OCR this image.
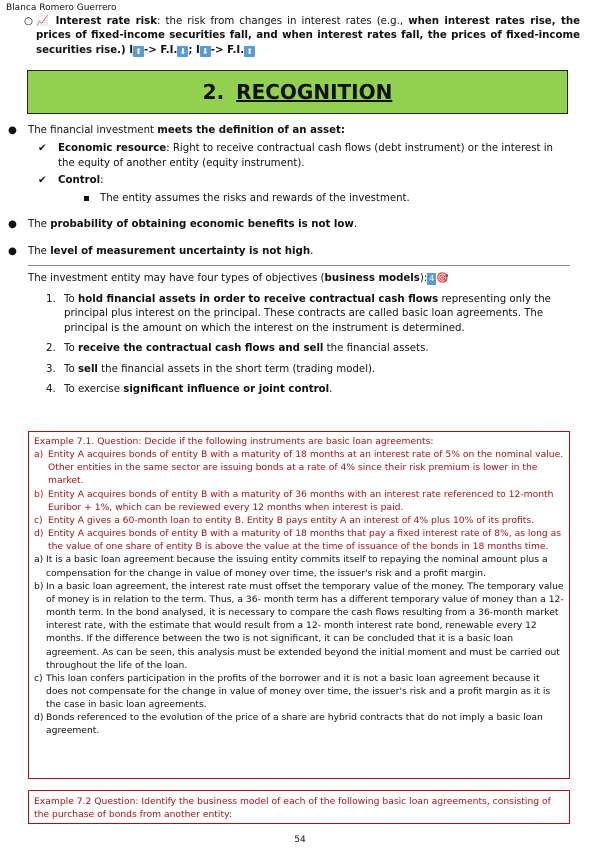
Blanca Romero Guerrero
○ 📈 Interest rate risk: the risk from changes in interest rates (e.g., when interest rates rise, the prices of fixed-income securities fall, and when interest rates fall, the prices of fixed-income securities rise.) I ⬆ -> F.I. ⬇ ; I ⬇ -> F.I. ⬆
2. RECOGNITION
● The financial investment meets the definition of an asset:
✔ Economic resource: Right to receive contractual cash flows (debt instrument) or the interest in the equity of another entity (equity instrument).
✔ Control:
The entity assumes the risks and rewards of the investment.
● The probability of obtaining economic benefits is not low.
● The level of measurement uncertainty is not high.
The investment entity may have four types of objectives (business models): 4 🎯
1. To hold financial assets in order to receive contractual cash flows representing only the principal plus interest on the principal. These contracts are called basic loan agreements. The principal is the amount on which the interest on the instrument is determined.
2. To receive the contractual cash flows and sell the financial assets.
3. To sell the financial assets in the short term (trading model).
4. To exercise significant influence or joint control.
Example 7.1. Question: Decide if the following instruments are basic loan agreements:
a) Entity A acquires bonds of entity B with a maturity of 18 months at an interest rate of 5% on the nominal value. Other entities in the same sector are issuing bonds at a rate of 4% since their risk premium is lower in the market.
b) Entity A acquires bonds of entity B with a maturity of 36 months with an interest rate referenced to 12-month Euribor + 1%, which can be reviewed every 12 months when interest is paid.
c) Entity A gives a 60-month loan to entity B. Entity B pays entity A an interest of 4% plus 10% of its profits.
d) Entity A acquires bonds of entity B with a maturity of 18 months that pay a fixed interest rate of 8%, as long as the value of one share of entity B is above the value at the time of issuance of the bonds in 18 months time.
a) It is a basic loan agreement because the issuing entity commits itself to repaying the nominal amount plus a compensation for the change in value of money over time, the issuer's risk and a profit margin.
b) In a basic loan agreement, the interest rate must offset the temporary value of the money. The temporary value of money is in relation to the term. Thus, a 36- month term has a different temporary value of money than a 12-month term. In the bond analysed, it is necessary to compare the cash flows resulting from a 36-month market interest rate, with the estimate that would result from a 12- month interest rate bond, renewable every 12 months. If the difference between the two is not significant, it can be concluded that it is a basic loan agreement. As can be seen, this analysis must be extended beyond the initial moment and must be carried out throughout the life of the loan.
c) This loan confers participation in the profits of the borrower and it is not a basic loan agreement because it does not compensate for the change in value of money over time, the issuer's risk and a profit margin as it is the case in basic loan agreements.
d) Bonds referenced to the evolution of the price of a share are hybrid contracts that do not imply a basic loan agreement.
Example 7.2 Question: Identify the business model of each of the following basic loan agreements, consisting of the purchase of bonds from another entity:
54
